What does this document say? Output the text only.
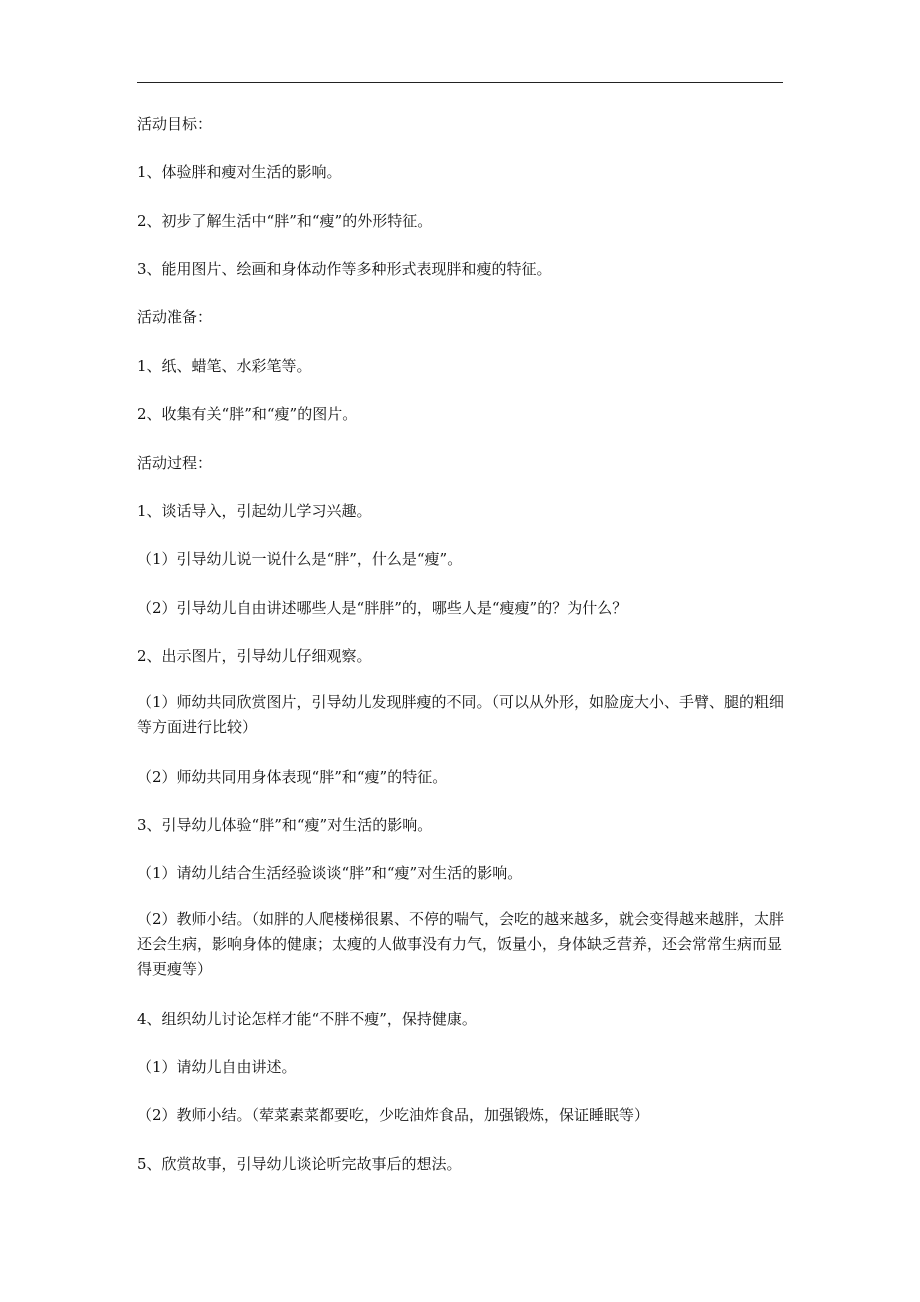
活动目标：
1、体验胖和瘦对生活的影响。
2、初步了解生活中“胖”和“瘦”的外形特征。
3、能用图片、绘画和身体动作等多种形式表现胖和瘦的特征。
活动准备：
1、纸、蜡笔、水彩笔等。
2、收集有关“胖”和“瘦”的图片。
活动过程：
1、谈话导入，引起幼儿学习兴趣。
（1）引导幼儿说一说什么是“胖”，什么是“瘦”。
（2）引导幼儿自由讲述哪些人是“胖胖”的，哪些人是“瘦瘦”的？为什么？
2、出示图片，引导幼儿仔细观察。
（1）师幼共同欣赏图片，引导幼儿发现胖瘦的不同。（可以从外形，如脸庞大小、手臂、腿的粗细等方面进行比较）
（2）师幼共同用身体表现“胖”和“瘦”的特征。
3、引导幼儿体验“胖”和“瘦”对生活的影响。
（1）请幼儿结合生活经验谈谈“胖”和“瘦”对生活的影响。
（2）教师小结。（如胖的人爬楼梯很累、不停的喘气，会吃的越来越多，就会变得越来越胖，太胖还会生病，影响身体的健康；太瘦的人做事没有力气，饭量小，身体缺乏营养，还会常常生病而显得更瘦等）
4、组织幼儿讨论怎样才能“不胖不瘦”，保持健康。
（1）请幼儿自由讲述。
（2）教师小结。（荤菜素菜都要吃，少吃油炸食品，加强锻炼，保证睡眠等）
5、欣赏故事，引导幼儿谈论听完故事后的想法。
